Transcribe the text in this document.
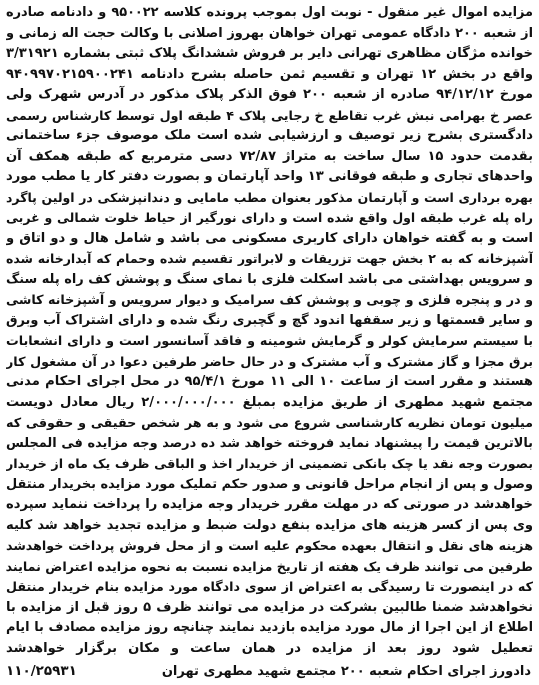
مزایده اموال غیر منقول - نوبت اول بموجب پرونده کلاسه ۹۵۰۰۲۲ و دادنامه صادره
از شعبه ۲۰۰ دادگاه عمومی تهران خواهان بهروز اصلانی با وکالت حجت اله زمانی و
خوانده مژگان مظاهری تهرانی دایر بر فروش ششدانگ پلاک ثبتی بشماره ۳/۳۱۹۲۱
واقع در بخش ۱۲ تهران و تقسیم ثمن حاصله بشرح دادنامه ۹۴۰۹۹۷۰۲۱۵۹۰۰۲۴۱
مورخ ۹۴/۱۲/۱۲ صادره از شعبه ۲۰۰ فوق الذکر پلاک مذکور در آدرس شهرک ولی
عصر خ بهرامی نبش غرب تقاطع خ رجایی پلاک ۴ طبقه اول توسط کارشناس رسمی
دادگستری بشرح زیر توصیف و ارزشیابی شده است ملک موصوف جزء ساختمانی
بقدمت حدود ۱۵ سال ساخت به متراژ ۷۲/۸۷ دسی مترمربع که طبقه همکف آن
واحدهای تجاری و طبقه فوقانی ۱۳ واحد آپارتمان و بصورت دفتر کار یا مطب مورد
بهره برداری است و آپارتمان مذکور بعنوان مطب مامایی و دندانپزشکی در اولین پاگرد
راه پله غرب طبقه اول واقع شده است و دارای نورگیر از حیاط خلوت شمالی و غربی
است و به گفته خواهان دارای کاربری مسکونی می باشد و شامل هال و دو اتاق و
آشپزخانه که به ۲ بخش جهت تزریقات و لابراتور تقسیم شده وحمام که آبدارخانه شده
و سرویس بهداشتی می باشد اسکلت فلزی با نمای سنگ و پوشش کف راه پله سنگ
و در و پنجره فلزی و چوبی و پوشش کف سرامیک و دیوار سرویس و آشپزخانه کاشی
و سایر قسمتها و زیر سقفها اندود گچ و گچبری رنگ شده و دارای اشتراک آب وبرق
با سیستم سرمایش کولر و گرمایش شومینه و فاقد آسانسور است و دارای انشعابات
برق مجزا و گاز مشترک و آب مشترک و در حال حاضر طرفین دعوا در آن مشغول کار
هستند و مقرر است از ساعت ۱۰ الی ۱۱ مورخ ۹۵/۴/۱ در محل اجرای احکام مدنی
مجتمع شهید مطهری از طریق مزایده بمبلغ ۲/۰۰۰/۰۰۰/۰۰۰ ریال معادل دویست
میلیون تومان نظریه کارشناسی شروع می شود و به هر شخص حقیقی و حقوقی که
بالاترین قیمت را پیشنهاد نماید فروخته خواهد شد ده درصد وجه مزایده فی المجلس
بصورت وجه نقد یا چک بانکی تضمینی از خریدار اخذ و الباقی ظرف یک ماه از خریدار
وصول و پس از انجام مراحل قانونی و صدور حکم تملیک مورد مزایده بخریدار منتقل
خواهدشد در صورتی که در مهلت مقرر خریدار وجه مزایده را پرداخت ننماید سپرده
وی پس از کسر هزینه های مزایده بنفع دولت ضبط و مزایده تجدید خواهد شد کلیه
هزینه های نقل و انتقال بعهده محکوم علیه است و از محل فروش پرداخت خواهدشد
طرفین می توانند ظرف یک هفته از تاریخ مزایده نسبت به نحوه مزایده اعتراض نمایند
که در اینصورت تا رسیدگی به اعتراض از سوی دادگاه مورد مزایده بنام خریدار منتقل
نخواهدشد ضمنا طالبین بشرکت در مزایده می توانند ظرف ۵ روز قبل از مزایده با
اطلاع از این اجرا از مال مورد مزایده بازدید نمایند چنانچه روز مزایده مصادف با ایام
تعطیل شود روز بعد از مزایده در همان ساعت و مکان برگزار خواهدشد
دادورز اجرای احکام شعبه ۲۰۰ مجتمع شهید مطهری تهران
۱۱۰/۲۵۹۳۱
